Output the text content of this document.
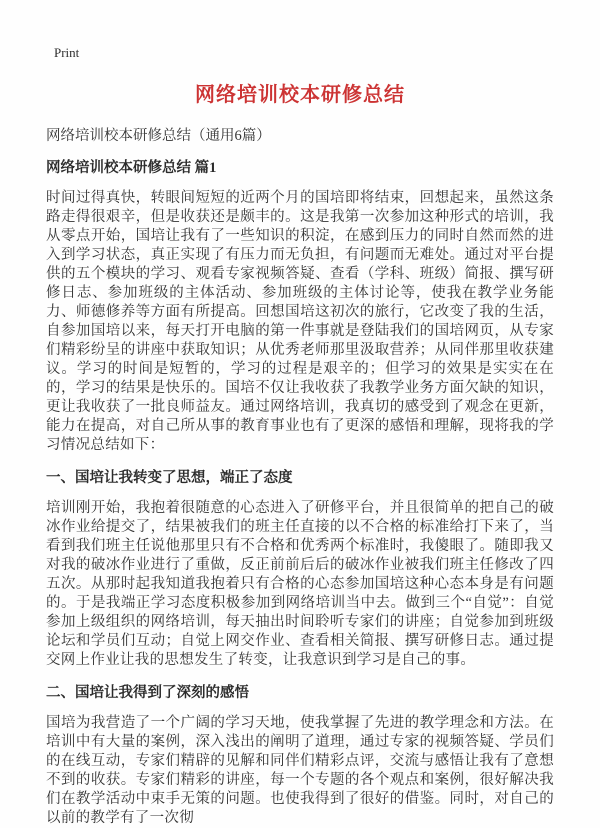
Print
网络培训校本研修总结
网络培训校本研修总结（通用6篇）
网络培训校本研修总结 篇1

时间过得真快，转眼间短短的近两个月的国培即将结束，回想起来，虽然这条路走得很艰辛，但是收获还是颇丰的。这是我第一次参加这种形式的培训，我从零点开始，国培让我有了一些知识的积淀，在感到压力的同时自然而然的进入到学习状态，真正实现了有压力而无负担，有问题而无难处。通过对平台提供的五个模块的学习、观看专家视频答疑、查看（学科、班级）简报、撰写研修日志、参加班级的主体活动、参加班级的主体讨论等，使我在教学业务能力、师德修养等方面有所提高。回想国培这初次的旅行，它改变了我的生活，自参加国培以来，每天打开电脑的第一件事就是登陆我们的国培网页，从专家们精彩纷呈的讲座中获取知识；从优秀老师那里汲取营养；从同伴那里收获建议。学习的时间是短暂的，学习的过程是艰辛的；但学习的效果是实实在在的，学习的结果是快乐的。国培不仅让我收获了我教学业务方面欠缺的知识，更让我收获了一批良师益友。通过网络培训，我真切的感受到了观念在更新，能力在提高，对自己所从事的教育事业也有了更深的感悟和理解，现将我的学习情况总结如下：

一、国培让我转变了思想，端正了态度

培训刚开始，我抱着很随意的心态进入了研修平台，并且很简单的把自己的破冰作业给提交了，结果被我们的班主任直接的以不合格的标准给打下来了，当看到我们班主任说他那里只有不合格和优秀两个标准时，我傻眼了。随即我又对我的破冰作业进行了重做，反正前前后后的破冰作业被我们班主任修改了四五次。从那时起我知道我抱着只有合格的心态参加国培这种心态本身是有问题的。于是我端正学习态度积极参加到网络培训当中去。做到三个“自觉”：自觉参加上级组织的网络培训，每天抽出时间聆听专家们的讲座；自觉参加到班级论坛和学员们互动；自觉上网交作业、查看相关简报、撰写研修日志。通过提交网上作业让我的思想发生了转变，让我意识到学习是自己的事。

二、国培让我得到了深刻的感悟

国培为我营造了一个广阔的学习天地，使我掌握了先进的教学理念和方法。在培训中有大量的案例，深入浅出的阐明了道理，通过专家的视频答疑、学员们的在线互动，专家们精辟的见解和同伴们精彩点评，交流与感悟让我有了意想不到的收获。专家们精彩的讲座，每一个专题的各个观点和案例，很好解决我们在教学活动中束手无策的问题。也使我得到了很好的借鉴。同时，对自己的以前的教学有了一次彻
